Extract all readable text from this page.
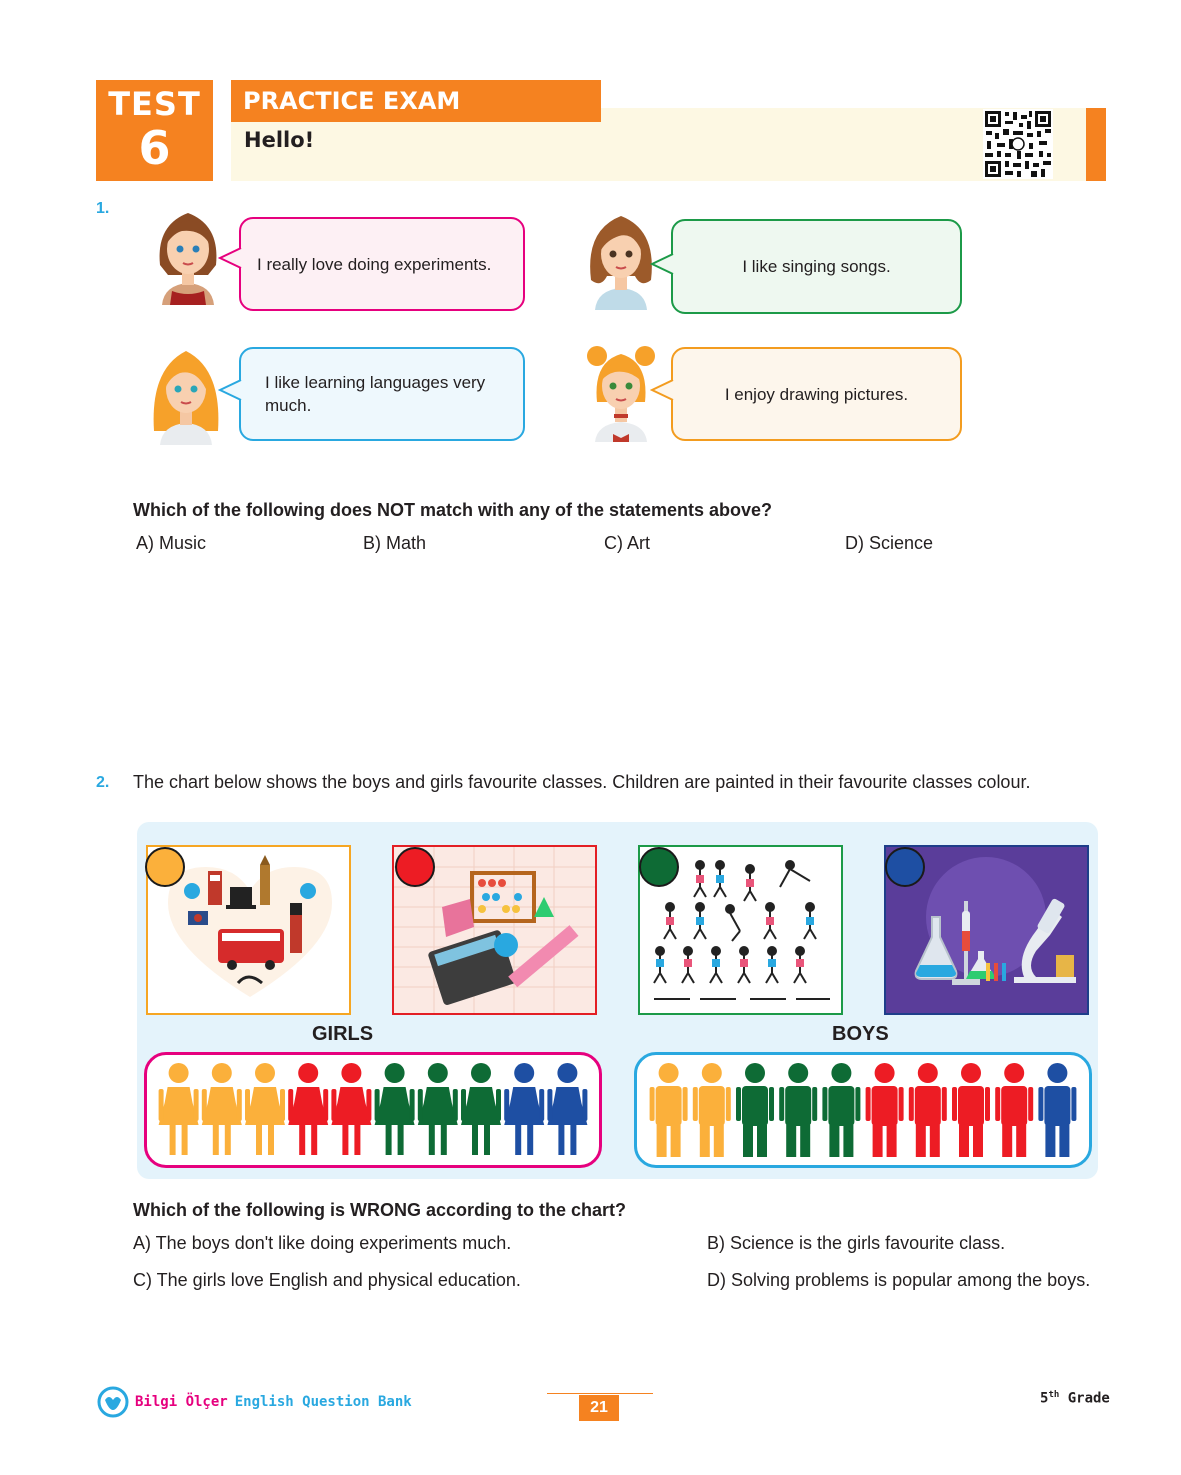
TEST
6
PRACTICE EXAM
Hello!
1.
I really love doing experiments.	I like singing songs.
I like learning languages very much.
I enjoy drawing pictures.
Which of the following does NOT match with any of the statements above?
A) Music	B) Math	C) Art	D) Science
2. The chart below shows the boys and girls favourite classes. Children are painted in their favourite classes colour.
GIRLS	BOYS
Which of the following is WRONG according to the chart?
A) The boys don't like doing experiments much.	B) Science is the girls favourite class.
C) The girls love English and physical education.	D) Solving problems is popular among the boys.
Bilgi Ölçer English Question Bank	21
5th Grade
